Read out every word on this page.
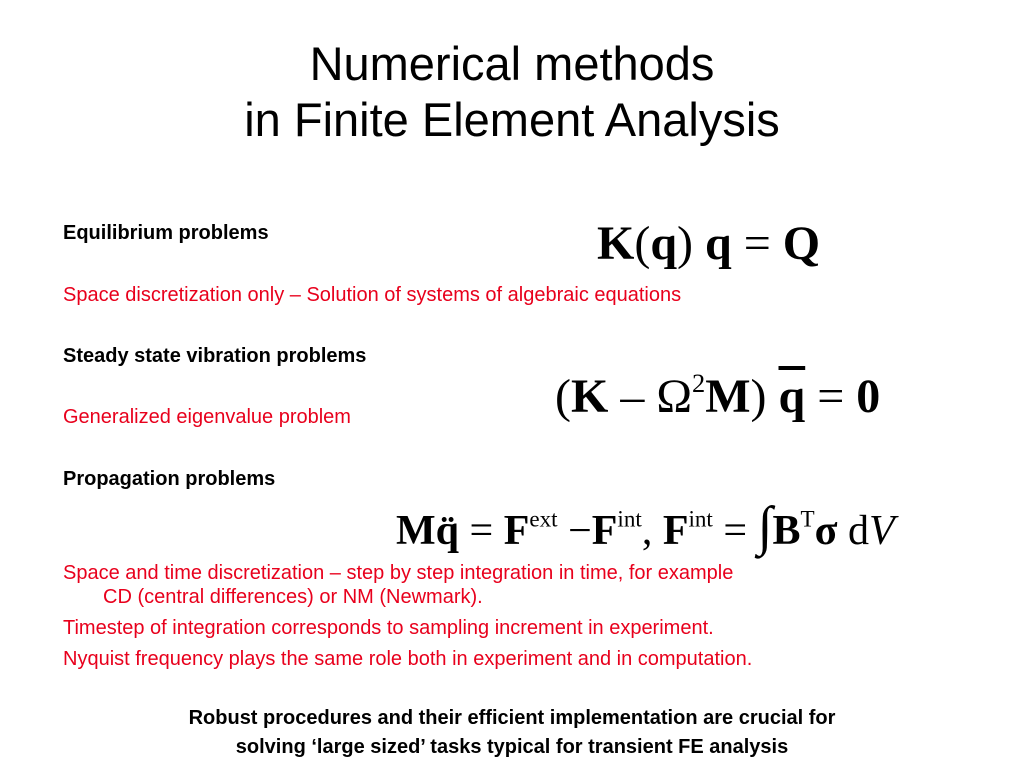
Numerical methods
in Finite Element Analysis
Equilibrium problems
Space discretization only – Solution of systems of algebraic equations
K(q) q = Q
Steady state vibration problems
Generalized eigenvalue problem	$(K - \Omega^2M)$ $\overline{q} = 0$
Propagation problems
Mq̈ = $F^{ext} -F^{int}$, $F^{int} = \int B^T\sigma$ dV
Space and time discretization – step by step integration in time, for example
CD (central differences) or NM (Newmark).
Timestep of integration corresponds to sampling increment in experiment.
Nyquist frequency plays the same role both in experiment and in computation.
Robust procedures and their efficient implementation are crucial for
solving ‘large sized’ tasks typical for transient FE analysis
